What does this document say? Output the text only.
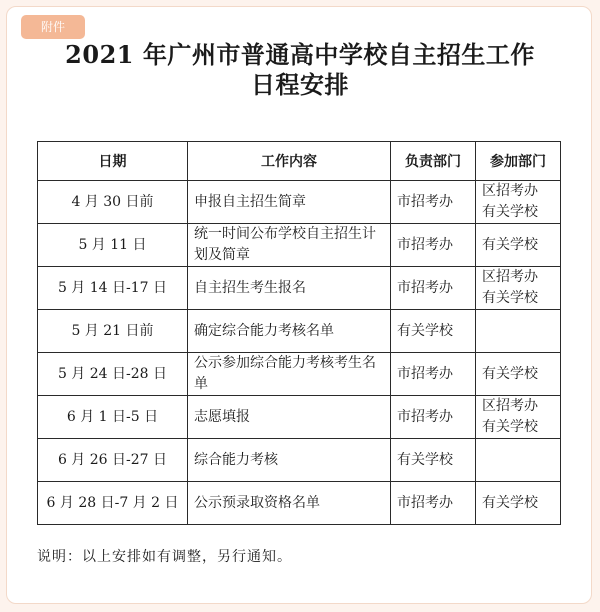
附件
2021 年广州市普通高中学校自主招生工作
日程安排
日期	工作内容	负责部门	参加部门
4 月 30 日前	申报自主招生简章	市招考办	区招考办 有关学校
5 月 11 日	统一时间公布学校自主招生计划及简章	市招考办	有关学校
5 月 14 日-17 日	自主招生考生报名	市招考办	区招考办 有关学校
5 月 21 日前	确定综合能力考核名单	有关学校	
5 月 24 日-28 日	公示参加综合能力考核考生名单	市招考办	有关学校
6 月 1 日-5 日	志愿填报	市招考办	区招考办 有关学校
6 月 26 日-27 日	综合能力考核	有关学校	
6 月 28 日-7 月 2 日	公示预录取资格名单	市招考办	有关学校
说明：以上安排如有调整，另行通知。
